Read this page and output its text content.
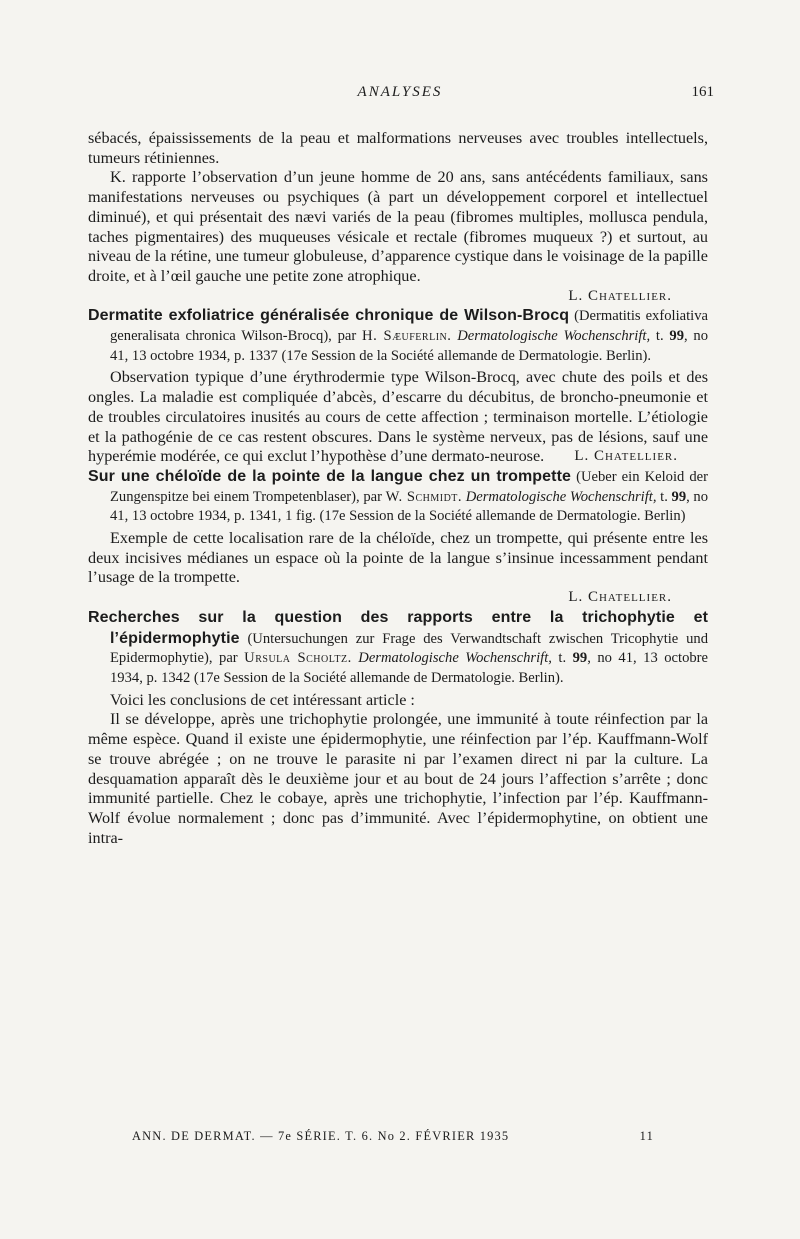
ANALYSES	161

sébacés, épaississements de la peau et malformations nerveuses avec troubles intellectuels, tumeurs rétiniennes.

K. rapporte l’observation d’un jeune homme de 20 ans, sans antécédents familiaux, sans manifestations nerveuses ou psychiques (à part un développement corporel et intellectuel diminué), et qui présentait des nævi variés de la peau (fibromes multiples, molluscа pendula, taches pigmentaires) des muqueuses vésicale et rectale (fibromes muqueux ?) et surtout, au niveau de la rétine, une tumeur globuleuse, d’apparence cystique dans le voisinage de la papille droite, et à l’œil gauche une petite zone atrophique.

L. Chatellier.

Dermatite exfoliatrice généralisée chronique de Wilson-Brocq (Dermatitis exfoliativa generalisata chronica Wilson-Brocq), par H. Sæuferlin. Dermatologische Wochenschrift, t. 99, no 41, 13 octobre 1934, p. 1337 (17e Session de la Société allemande de Dermatologie. Berlin).

Observation typique d’une érythrodermie type Wilson-Brocq, avec chute des poils et des ongles. La maladie est compliquée d’abcès, d’escarre du décubitus, de broncho-pneumonie et de troubles circulatoires inusités au cours de cette affection ; terminaison mortelle. L’étiologie et la pathogénie de ce cas restent obscures. Dans le système nerveux, pas de lésions, sauf une hyperémie modérée, ce qui exclut l’hypothèse d’une dermato-neurose.	L. Chatellier.

Sur une chéloïde de la pointe de la langue chez un trompette (Ueber ein Keloid der Zungenspitze bei einem Trompetenblaser), par W. Schmidt. Dermatologische Wochenschrift, t. 99, no 41, 13 octobre 1934, p. 1341, 1 fig. (17e Session de la Société allemande de Dermatologie. Berlin)

Exemple de cette localisation rare de la chéloïde, chez un trompette, qui présente entre les deux incisives médianes un espace où la pointe de la langue s’insinue incessamment pendant l’usage de la trompette.

L. Chatellier.

Recherches sur la question des rapports entre la trichophytie et l’épidermophytie (Untersuchungen zur Frage des Verwandtschaft zwischen Tricophytie und Epidermophytie), par Ursula Scholtz. Dermatologische Wochenschrift, t. 99, no 41, 13 octobre 1934, p. 1342 (17e Session de la Société allemande de Dermatologie. Berlin).

Voici les conclusions de cet intéressant article :

Il se développe, après une trichophytie prolongée, une immunité à toute réinfection par la même espèce. Quand il existe une épidermophytie, une réinfection par l’ép. Kauffmann-Wolf se trouve abrégée ; on ne trouve le parasite ni par l’examen direct ni par la culture. La desquamation apparaît dès le deuxième jour et au bout de 24 jours l’affection s’arrête ; donc immunité partielle. Chez le cobaye, après une trichophytie, l’infection par l’ép. Kauffmann-Wolf évolue normalement ; donc pas d’immunité. Avec l’épidermophytine, on obtient une intra-

ANN. DE DERMAT. — 7e SÉRIE. T. 6. No 2. FÉVRIER 1935	11
